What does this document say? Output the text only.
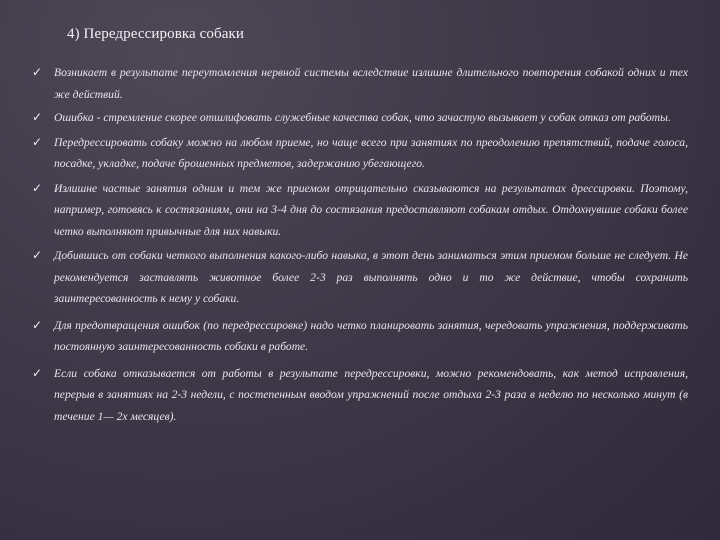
4) Передрессировка собаки
✓ Возникает в результате переутомления нервной системы вследствие излишне длительного повторения собакой одних и тех же действий.
✓ Ошибка - стремление скорее отшлифовать служебные качества собак, что зачастую вызывает у собак отказ от работы.
✓ Передрессировать собаку можно на любом приеме, но чаще всего при занятиях по преодолению препятствий, подаче голоса, посадке, укладке, подаче брошенных предметов, задержанию убегающего.
✓ Излишне частые занятия одним и тем же приемом отрицательно сказываются на результатах дрессировки. Поэтому, например, готовясь к состязаниям, они на 3-4 дня до состязания предоставляют собакам отдых. Отдохнувшие собаки более четко выполняют привычные для них навыки.
✓ Добившись от собаки четкого выполнения какого-либо навыка, в этот день заниматься этим приемом больше не следует. Не рекомендуется заставлять животное более 2-3 раз выполнять одно и то же действие, чтобы сохранить заинтересованность к нему у собаки.
✓ Для предотвращения ошибок (по передрессировке) надо четко планировать занятия, чередовать упражнения, поддерживать постоянную заинтересованность собаки в работе.
✓ Если собака отказывается от работы в результате передрессировки, можно рекомендовать, как метод исправления, перерыв в занятиях на 2-3 недели, с постепенным вводом упражнений после отдыха 2-3 раза в неделю по несколько минут (в течение 1— 2х месяцев).
